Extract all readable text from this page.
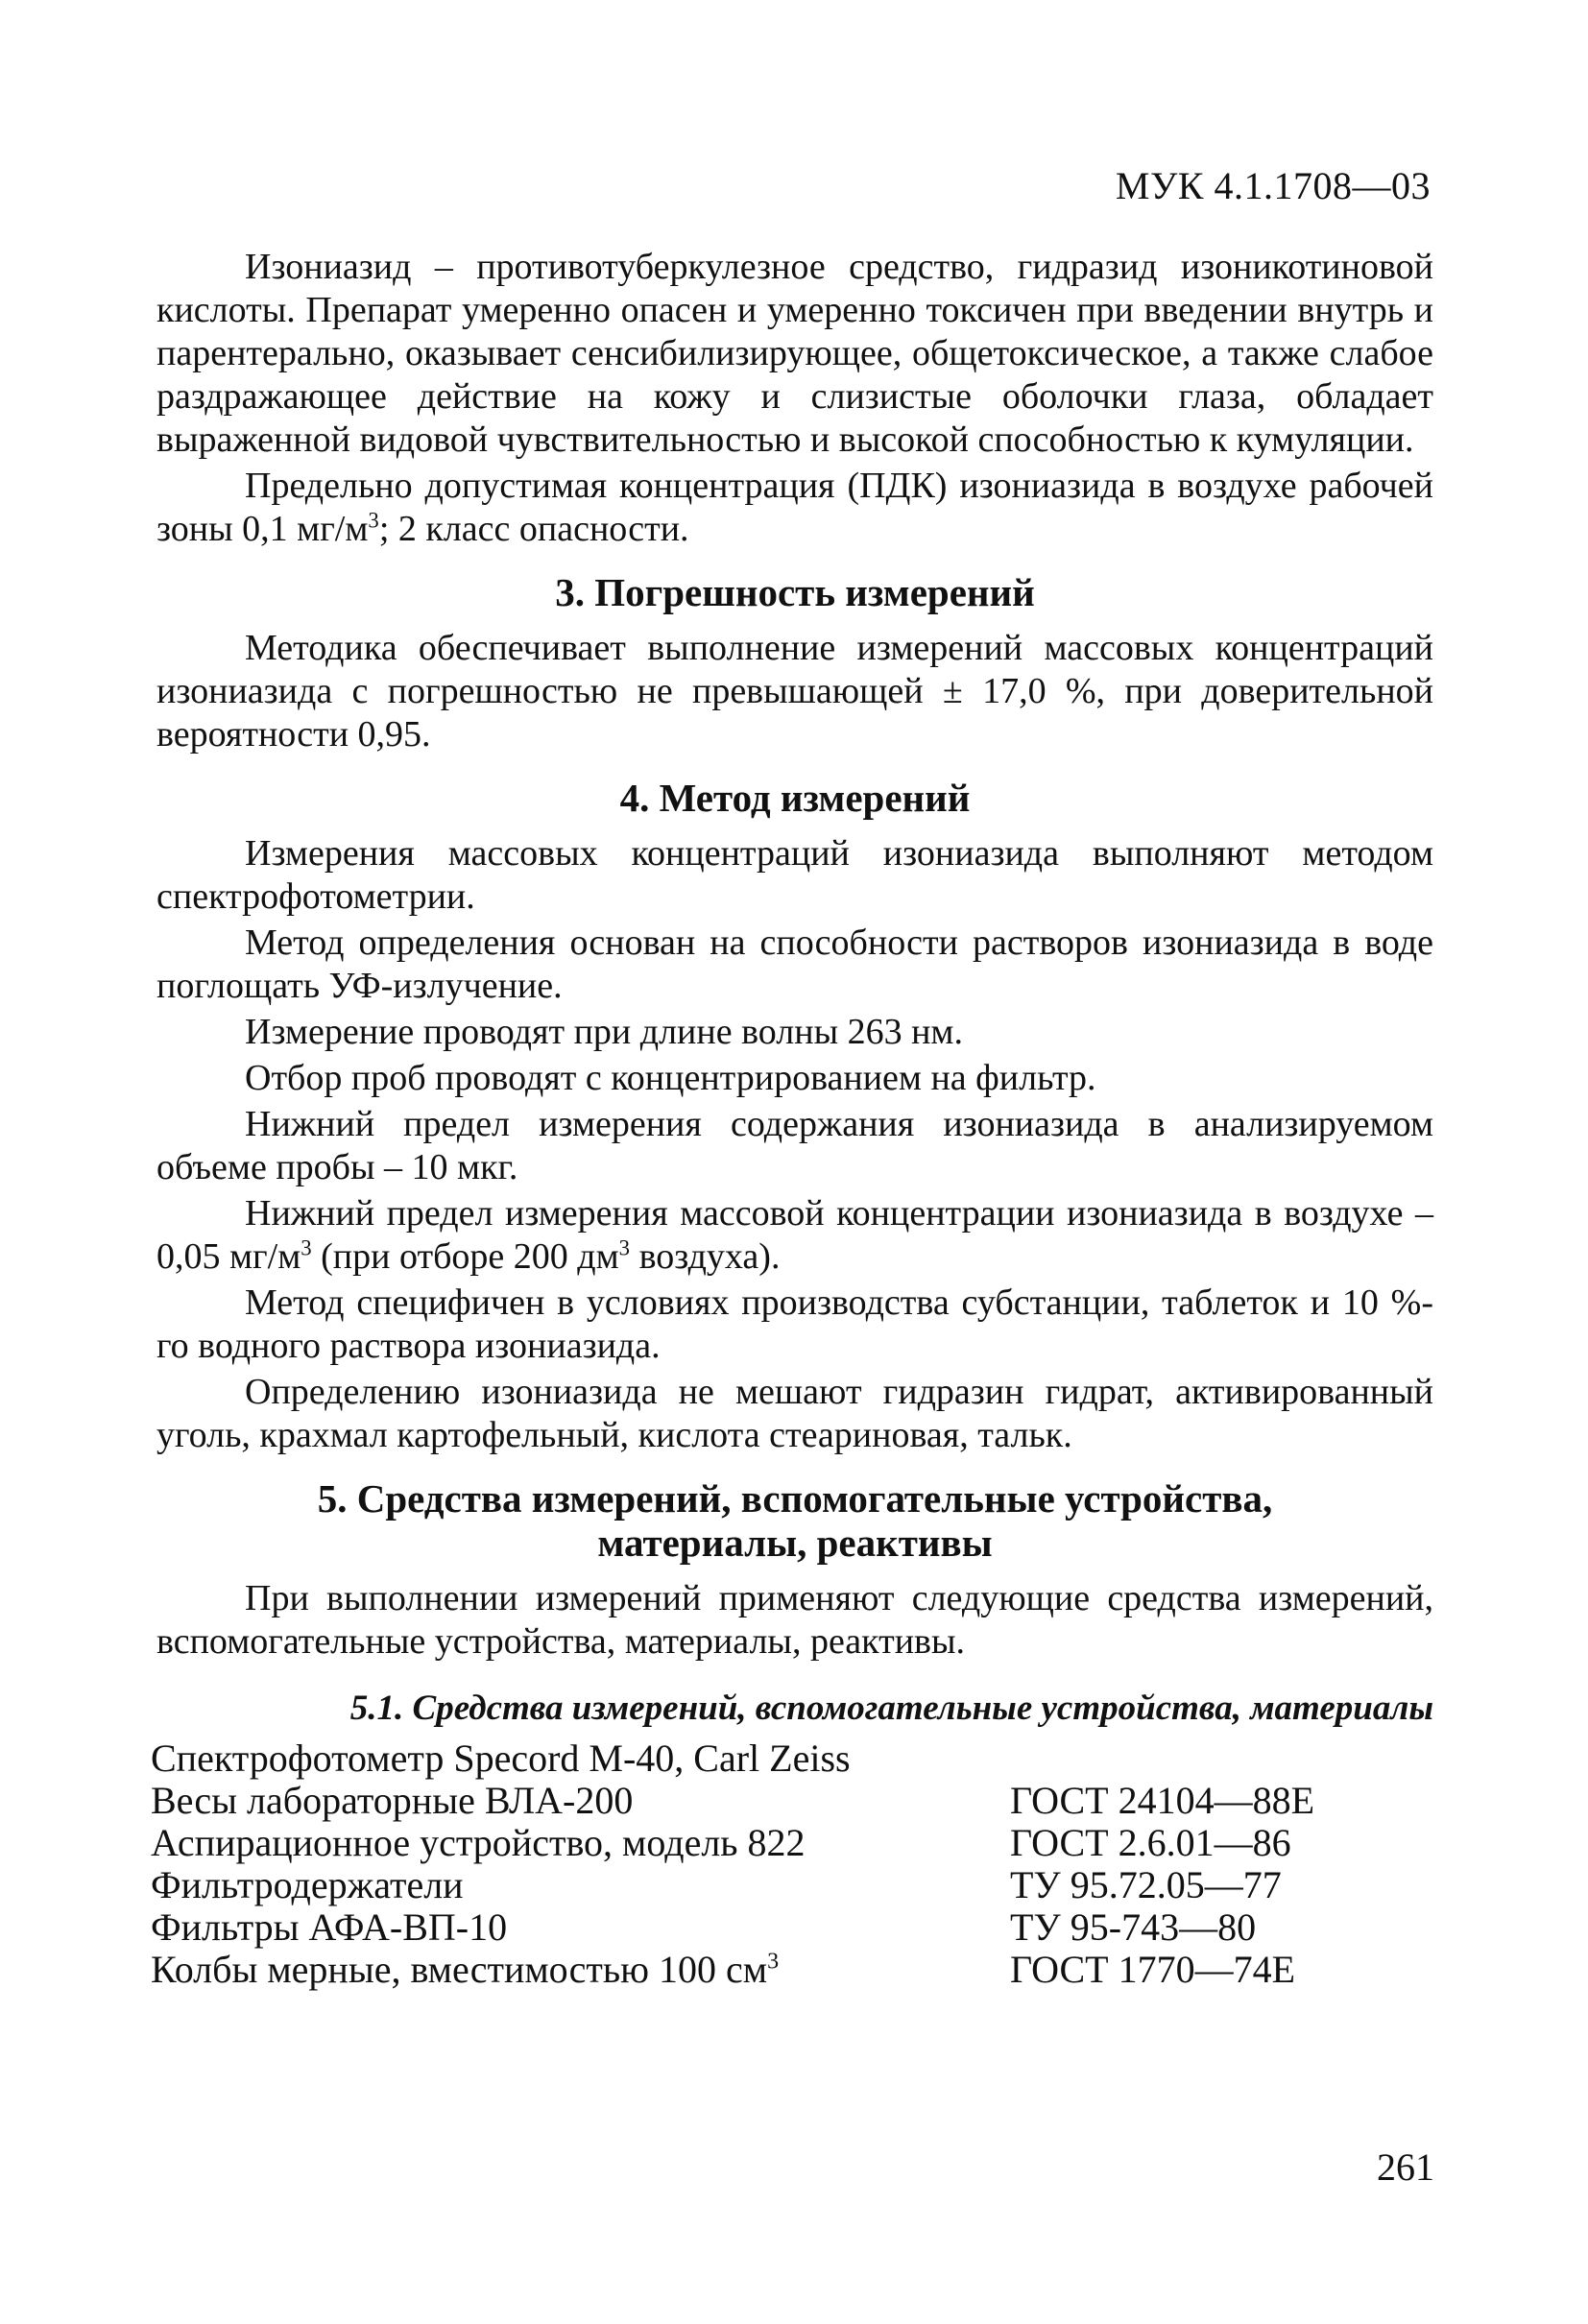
МУК 4.1.1708—03

Изониазид – противотуберкулезное средство, гидразид изоникотиновой кислоты. Препарат умеренно опасен и умеренно токсичен при введении внутрь и парентерально, оказывает сенсибилизирующее, общетоксическое, а также слабое раздражающее действие на кожу и слизистые оболочки глаза, обладает выраженной видовой чувствительностью и высокой способностью к кумуляции.

Предельно допустимая концентрация (ПДК) изониазида в воздухе рабочей зоны 0,1 $мг/м^3$; 2 класс опасности.

3. Погрешность измерений

Методика обеспечивает выполнение измерений массовых концентраций изониазида с погрешностью не превышающей ± 17,0 %, при доверительной вероятности 0,95.

4. Метод измерений

Измерения массовых концентраций изониазида выполняют методом спектрофотометрии.

Метод определения основан на способности растворов изониазида в воде поглощать УФ-излучение.

Измерение проводят при длине волны 263 нм.

Отбор проб проводят с концентрированием на фильтр.

Нижний предел измерения содержания изониазида в анализируемом объеме пробы – 10 мкг.

Нижний предел измерения массовой концентрации изониазида в воздухе – 0,05 $мг/м^3$ (при отборе 200 $дм^3$ воздуха).

Метод специфичен в условиях производства субстанции, таблеток и 10 %-го водного раствора изониазида.

Определению изониазида не мешают гидразин гидрат, активированный уголь, крахмал картофельный, кислота стеариновая, тальк.

5. Средства измерений, вспомогательные устройства,
материалы, реактивы

При выполнении измерений применяют следующие средства измерений, вспомогательные устройства, материалы, реактивы.

5.1. Средства измерений, вспомогательные устройства, материалы
Спектрофотометр Specord M-40, Carl Zeiss	
Весы лабораторные ВЛА-200	ГОСТ 24104—88Е
Аспирационное устройство, модель 822	ГОСТ 2.6.01—86
Фильтродержатели	ТУ 95.72.05—77
Фильтры АФА-ВП-10	ТУ 95-743—80
Колбы мерные, вместимостью 100 $см^3$	ГОСТ 1770—74Е
261
